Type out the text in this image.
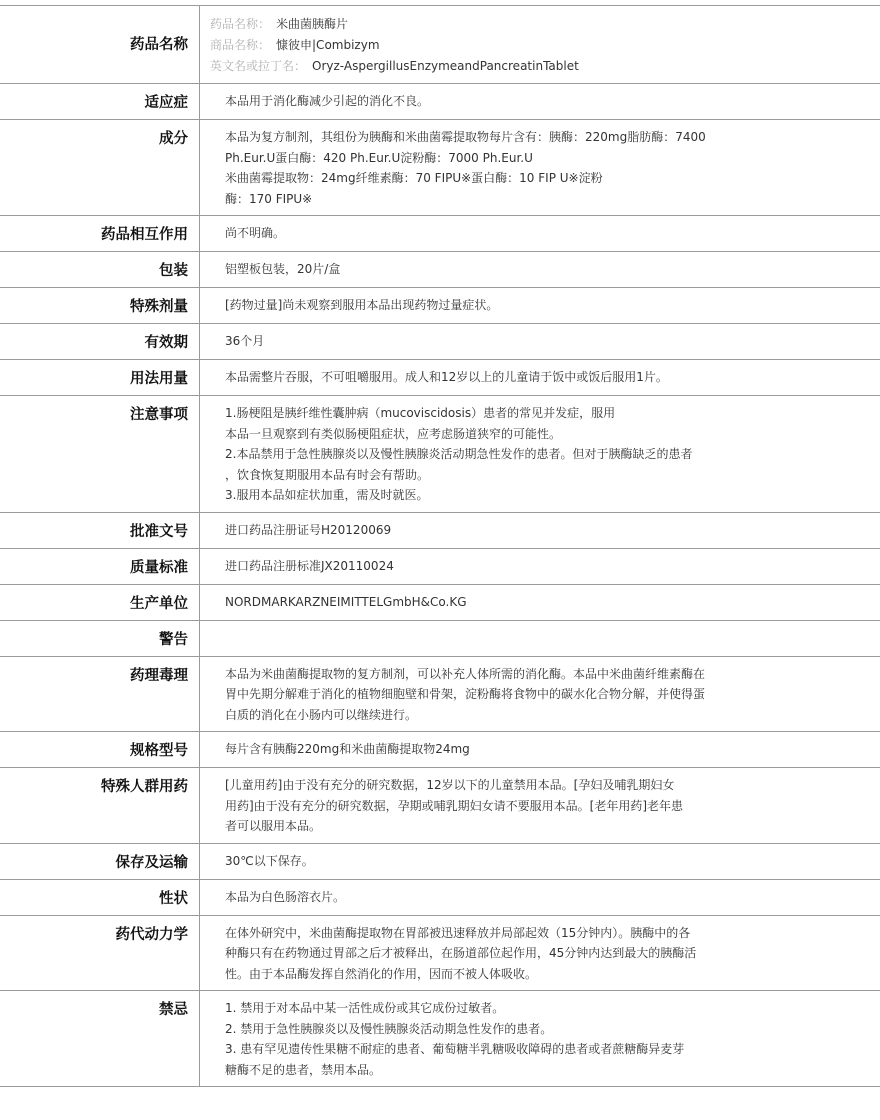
药品名称
药品名称： 米曲菌胰酶片
商品名称： 慷彼申|Combizym
英文名或拉丁名： Oryz-AspergillusEnzymeandPancreatinTablet
适应症	本品用于消化酶减少引起的消化不良。
成分	本品为复方制剂，其组份为胰酶和米曲菌霉提取物每片含有：胰酶：220mg脂肪酶：7400
Ph.Eur.U蛋白酶：420 Ph.Eur.U淀粉酶：7000 Ph.Eur.U
米曲菌霉提取物：24mg纤维素酶：70 FIPU※蛋白酶：10 FIP U※淀粉
酶：170 FIPU※
药品相互作用	尚不明确。
包装	铝塑板包装，20片/盒
特殊剂量	[药物过量]尚未观察到服用本品出现药物过量症状。
有效期	36个月
用法用量	本品需整片吞服，不可咀嚼服用。成人和12岁以上的儿童请于饭中或饭后服用1片。
注意事项	1.肠梗阻是胰纤维性囊肿病（mucoviscidosis）患者的常见并发症，服用
本品一旦观察到有类似肠梗阻症状，应考虑肠道狭窄的可能性。
2.本品禁用于急性胰腺炎以及慢性胰腺炎活动期急性发作的患者。但对于胰酶缺乏的患者
，饮食恢复期服用本品有时会有帮助。
3.服用本品如症状加重，需及时就医。
批准文号	进口药品注册证号H20120069
质量标准	进口药品注册标准JX20110024
生产单位	NORDMARKARZNEIMITTELGmbH&Co.KG
警告
药理毒理	本品为米曲菌酶提取物的复方制剂，可以补充人体所需的消化酶。本品中米曲菌纤维素酶在
胃中先期分解难于消化的植物细胞壁和骨架，淀粉酶将食物中的碳水化合物分解，并使得蛋
白质的消化在小肠内可以继续进行。
规格型号	每片含有胰酶220mg和米曲菌酶提取物24mg
特殊人群用药	[儿童用药]由于没有充分的研究数据，12岁以下的儿童禁用本品。[孕妇及哺乳期妇女
用药]由于没有充分的研究数据，孕期或哺乳期妇女请不要服用本品。[老年用药]老年患
者可以服用本品。
保存及运输	30℃以下保存。
性状	本品为白色肠溶衣片。
药代动力学	在体外研究中，米曲菌酶提取物在胃部被迅速释放并局部起效（15分钟内）。胰酶中的各
种酶只有在药物通过胃部之后才被释出，在肠道部位起作用，45分钟内达到最大的胰酶活
性。由于本品酶发挥自然消化的作用，因而不被人体吸收。
禁忌	1. 禁用于对本品中某一活性成份或其它成份过敏者。
2. 禁用于急性胰腺炎以及慢性胰腺炎活动期急性发作的患者。
3. 患有罕见遗传性果糖不耐症的患者、葡萄糖半乳糖吸收障碍的患者或者蔗糖酶异麦芽
糖酶不足的患者，禁用本品。
